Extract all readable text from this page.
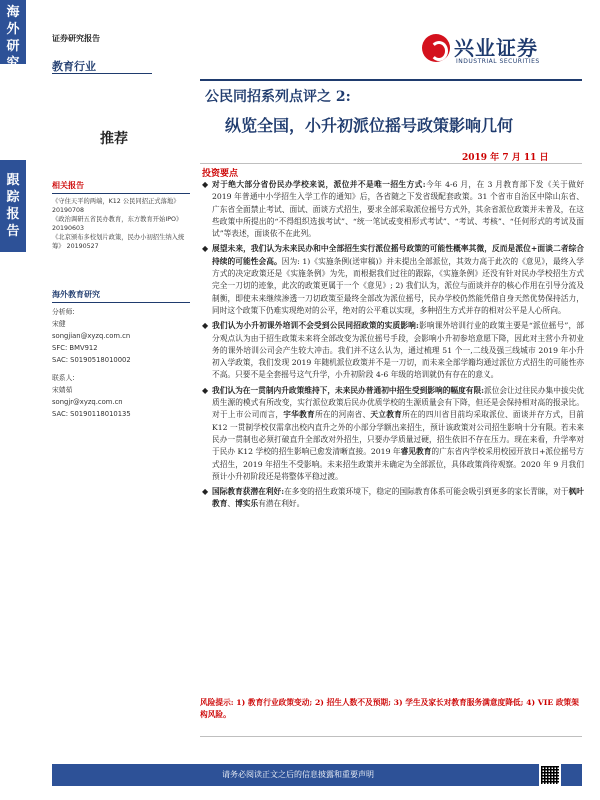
海
外
研
究
跟
踪
报
告
证券研究报告
教育行业
兴业证券
INDUSTRIAL SECURITIES
公民同招系列点评之 2:
纵览全国，小升初派位摇号政策影响几何
推荐
2019 年 7 月 11 日
投资要点
相关报告
《守住天平的两端，K12 公民同招正式落地》 20190708
《政治调研五省民办教育，东方教育开始IPO》 20190603
《北京颁布多校划片政策，民办小初招生纳入统筹》 20190527
海外教育研究
分析师:
宋健
songjian@xyzq.com.cn
SFC: BMV912
SAC: S0190518010002
联系人:
宋婧茹
songjr@xyzq.com.cn
SAC: S0190118010135
◆ 对于绝大部分省份民办学校来说，派位并不是唯一招生方式:今年 4-6 月，在 3 月教育部下发《关于做好 2019 年普通中小学招生入学工作的通知》后，各省随之下发省级配套政策。31 个省市自治区中除山东省、广东省全面禁止考试、面试、面谈方式招生，要求全部采取派位摇号方式外，其余省派位政策并未普及，在这些政策中所提出的“不得组织选拔考试”、“统一笔试或变相形式考试”、“考试、考核”、“任何形式的考试及面试”等表述，面谈依不在此列。
◆ 展望未来，我们认为未来民办和中全部招生实行派位摇号政策的可能性概率其微，反而是派位+面谈二者综合持续的可能性会高。因为: 1)《实施条例(送审稿)》并未提出全部派位，其效力高于此次的《意见》，最终入学方式的决定政策还是《实施条例》为先，而根据我们过往的跟踪，《实施条例》还没有针对民办学校招生方式完全一刀切的迹象，此次的政策更属于一个《意见》; 2) 我们认为，派位与面谈并存的核心作用在引导分流及制衡，即使未来继续渗透一刀切政策至最终全部改为派位摇号，民办学校仍然能凭借自身天然优势保持活力，同时这个政策下仍难实现绝对的公平，绝对的公平难以实现，多种招生方式并存的相对公平是人心所向。
◆ 我们认为小升初课外培训不会受到公民同招政策的实质影响:影响课外培训行业的政策主要是“派位摇号”，部分观点认为由于招生政策未来将全部改变为派位摇号手段，会影响小升初参培意愿下降，因此对主营小升初业务的课外培训公司会产生较大冲击。我们并不这么认为，通过梳理 51 个一,二线及强三线城市 2019 年小升初入学政策，我们发现 2019 年随机派位政策并不是一刀切，而未来全部学籍均通过派位方式招生的可能性亦不高。只要不是全套摇号这气升学，小升初阶段 4-6 年级的培训就仍有存在的意义。
◆ 我们认为在一贯制内升政策维持下，未来民办普通初中招生受到影响的幅度有限:派位会让过往民办集中拔尖优质生源的模式有所改变，实行派位政策后民办优质学校的生源质量会有下降，但还是会保持相对高的报录比。对于上市公司而言，宇华教育所在的河南省、天立教育所在的四川省目前均采取派位、面谈并存方式，目前 K12 一贯制学校仅需拿出校内直升之外的小部分学额出来招生，预计该政策对公司招生影响十分有限。若未来民办一贯制也必须打破直升全部改对外招生，只要办学质量过硬，招生依旧不存在压力。现在来看，升学率对于民办 K12 学校的招生影响已愈发清晰直接。2019 年睿见教育的广东省内学校采用校园开放日+派位摇号方式招生，2019 年招生不受影响。未来招生政策并未确定为全部派位，具体政策尚待观察。2020 年 9 月我们预计小升初阶段还是将整体平稳过渡。
◆ 国际教育获潜在利好:在多变的招生政策环境下，稳定的国际教育体系可能会吸引到更多的家长青睐，对于枫叶教育、博实乐有潜在利好。
风险提示: 1) 教育行业政策变动; 2) 招生人数不及预期; 3) 学生及家长对教育服务满意度降低; 4) VIE 政策架构风险。
请务必阅读正文之后的信息披露和重要声明
